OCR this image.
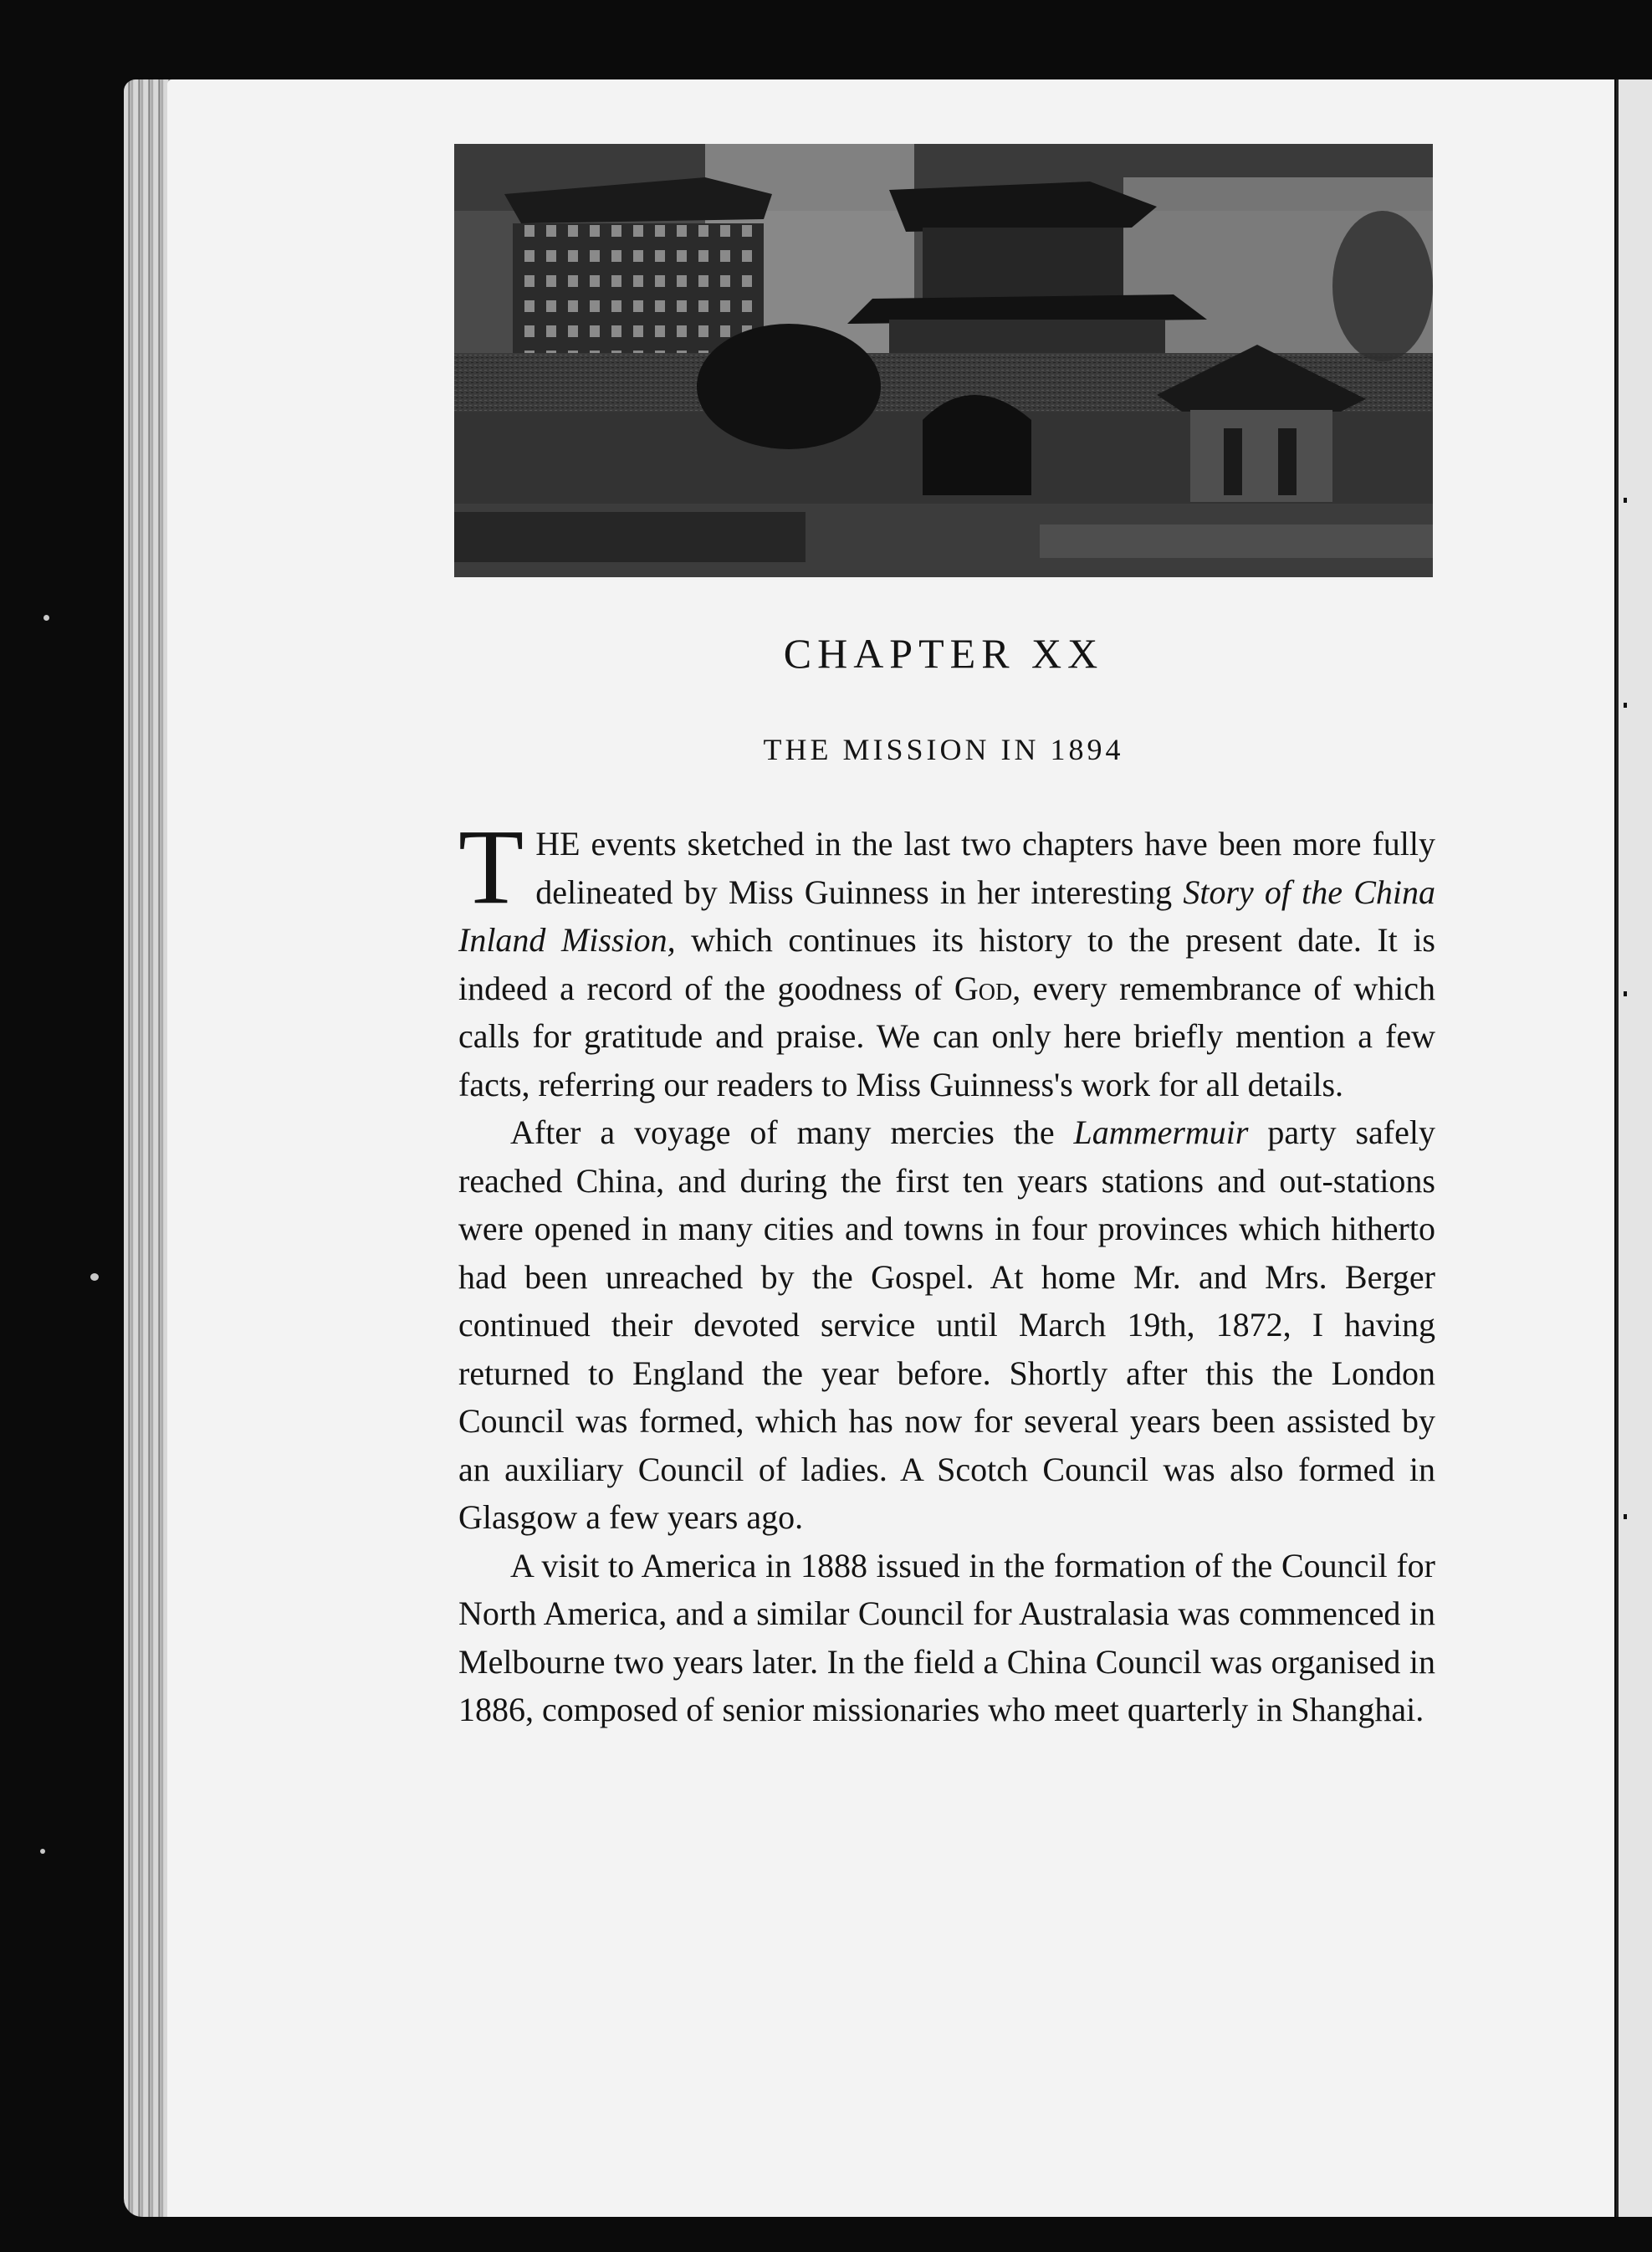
CHAPTER XX
THE MISSION IN 1894

THE events sketched in the last two chapters have been more fully delineated by Miss Guinness in her interesting Story of the China Inland Mission, which continues its history to the present date. It is indeed a record of the goodness of God, every remembrance of which calls for gratitude and praise. We can only here briefly mention a few facts, referring our readers to Miss Guinness's work for all details.

After a voyage of many mercies the Lammermuir party safely reached China, and during the first ten years stations and out-stations were opened in many cities and towns in four provinces which hitherto had been unreached by the Gospel. At home Mr. and Mrs. Berger continued their devoted service until March 19th, 1872, I having returned to England the year before. Shortly after this the London Council was formed, which has now for several years been assisted by an auxiliary Council of ladies. A Scotch Council was also formed in Glasgow a few years ago.

A visit to America in 1888 issued in the formation of the Council for North America, and a similar Council for Australasia was commenced in Melbourne two years later. In the field a China Council was organised in 1886, composed of senior missionaries who meet quarterly in Shanghai.
